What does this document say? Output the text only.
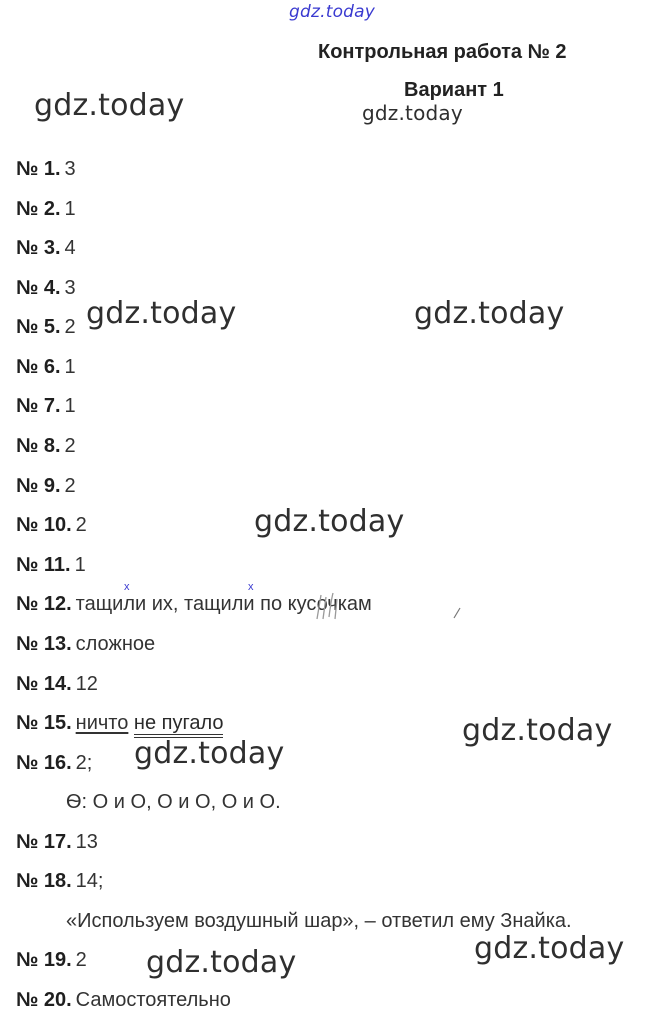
gdz.today
gdz.today	gdz.today
gdz.today	gdz.today
gdz.today
gdz.today
gdz.today
gdz.today
gdz.today
Контрольная работа № 2
Вариант 1
№ 1. 3
№ 2. 1
№ 3. 4
№ 4. 3
№ 5. 2
№ 6. 1
№ 7. 1
№ 8. 2
№ 9. 2
№ 10. 2
№ 11. 1
№ 12. тащили их, тащили по кусочкам
№ 13. сложное
№ 14. 12
№ 15. ничто не пугало
№ 16. 2;
Ѳ: О и О, О и О, О и О.
№ 17. 13
№ 18. 14;
«Используем воздушный шар», – ответил ему Знайка.
№ 19. 2
№ 20. Самостоятельно
x	x
